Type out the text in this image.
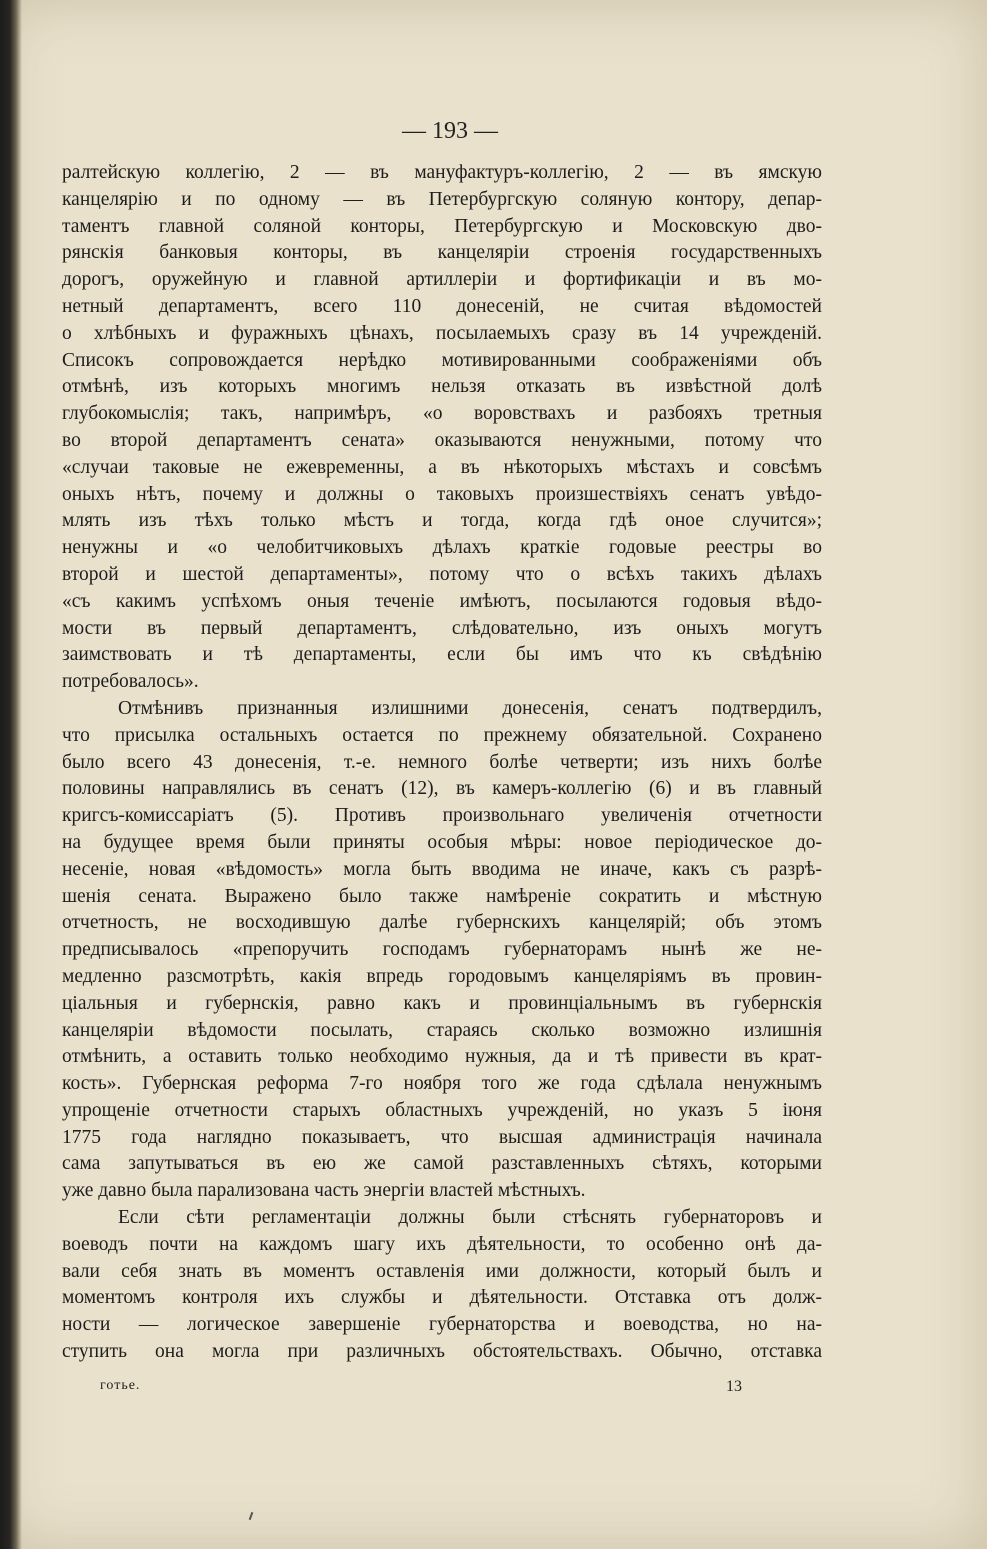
— 193 —
ралтейскую коллегію, 2 — въ мануфактуръ-коллегію, 2 — въ ямскую
канцелярію и по одному — въ Петербургскую соляную контору, депар-
таментъ главной соляной конторы, Петербургскую и Московскую дво-
рянскія банковыя конторы, въ канцеляріи строенія государственныхъ
дорогъ, оружейную и главной артиллеріи и фортификаціи и въ мо-
нетный департаментъ, всего 110 донесеній, не считая вѣдомостей
о хлѣбныхъ и фуражныхъ цѣнахъ, посылаемыхъ сразу въ 14 учрежденій.
Списокъ сопровождается нерѣдко мотивированными соображеніями объ
отмѣнѣ, изъ которыхъ многимъ нельзя отказать въ извѣстной долѣ
глубокомыслія; такъ, напримѣръ, «о воровствахъ и разбояхъ третныя
во второй департаментъ сената» оказываются ненужными, потому что
«случаи таковые не ежевременны, а въ нѣкоторыхъ мѣстахъ и совсѣмъ
оныхъ нѣтъ, почему и должны о таковыхъ произшествіяхъ сенатъ увѣдо-
млять изъ тѣхъ только мѣстъ и тогда, когда гдѣ оное случится»;
ненужны и «о челобитчиковыхъ дѣлахъ краткіе годовые реестры во
второй и шестой департаменты», потому что о всѣхъ такихъ дѣлахъ
«съ какимъ успѣхомъ оныя теченіе имѣютъ, посылаются годовыя вѣдо-
мости въ первый департаментъ, слѣдовательно, изъ оныхъ могутъ
заимствовать и тѣ департаменты, если бы имъ что къ свѣдѣнію
потребовалось».
Отмѣнивъ признанныя излишними донесенія, сенатъ подтвердилъ,
что присылка остальныхъ остается по прежнему обязательной. Сохранено
было всего 43 донесенія, т.-е. немного болѣе четверти; изъ нихъ болѣе
половины направлялись въ сенатъ (12), въ камеръ-коллегію (6) и въ главный
кригсъ-комиссаріатъ (5). Противъ произвольнаго увеличенія отчетности
на будущее время были приняты особыя мѣры: новое періодическое до-
несеніе, новая «вѣдомость» могла быть вводима не иначе, какъ съ разрѣ-
шенія сената. Выражено было также намѣреніе сократить и мѣстную
отчетность, не восходившую далѣе губернскихъ канцелярій; объ этомъ
предписывалось «препоручить господамъ губернаторамъ нынѣ же не-
медленно разсмотрѣть, какія впредь городовымъ канцеляріямъ въ провин-
ціальныя и губернскія, равно какъ и провинціальнымъ въ губернскія
канцеляріи вѣдомости посылать, стараясь сколько возможно излишнія
отмѣнить, а оставить только необходимо нужныя, да и тѣ привести въ крат-
кость». Губернская реформа 7-го ноября того же года сдѣлала ненужнымъ
упрощеніе отчетности старыхъ областныхъ учрежденій, но указъ 5 іюня
1775 года наглядно показываетъ, что высшая администрація начинала
сама запутываться въ ею же самой разставленныхъ сѣтяхъ, которыми
уже давно была парализована часть энергіи властей мѣстныхъ.
Если сѣти регламентаціи должны были стѣснять губернаторовъ и
воеводъ почти на каждомъ шагу ихъ дѣятельности, то особенно онѣ да-
вали себя знать въ моментъ оставленія ими должности, который былъ и
моментомъ контроля ихъ службы и дѣятельности. Отставка отъ долж-
ности — логическое завершеніе губернаторства и воеводства, но на-
ступить она могла при различныхъ обстоятельствахъ. Обычно, отставка
готье.	13
